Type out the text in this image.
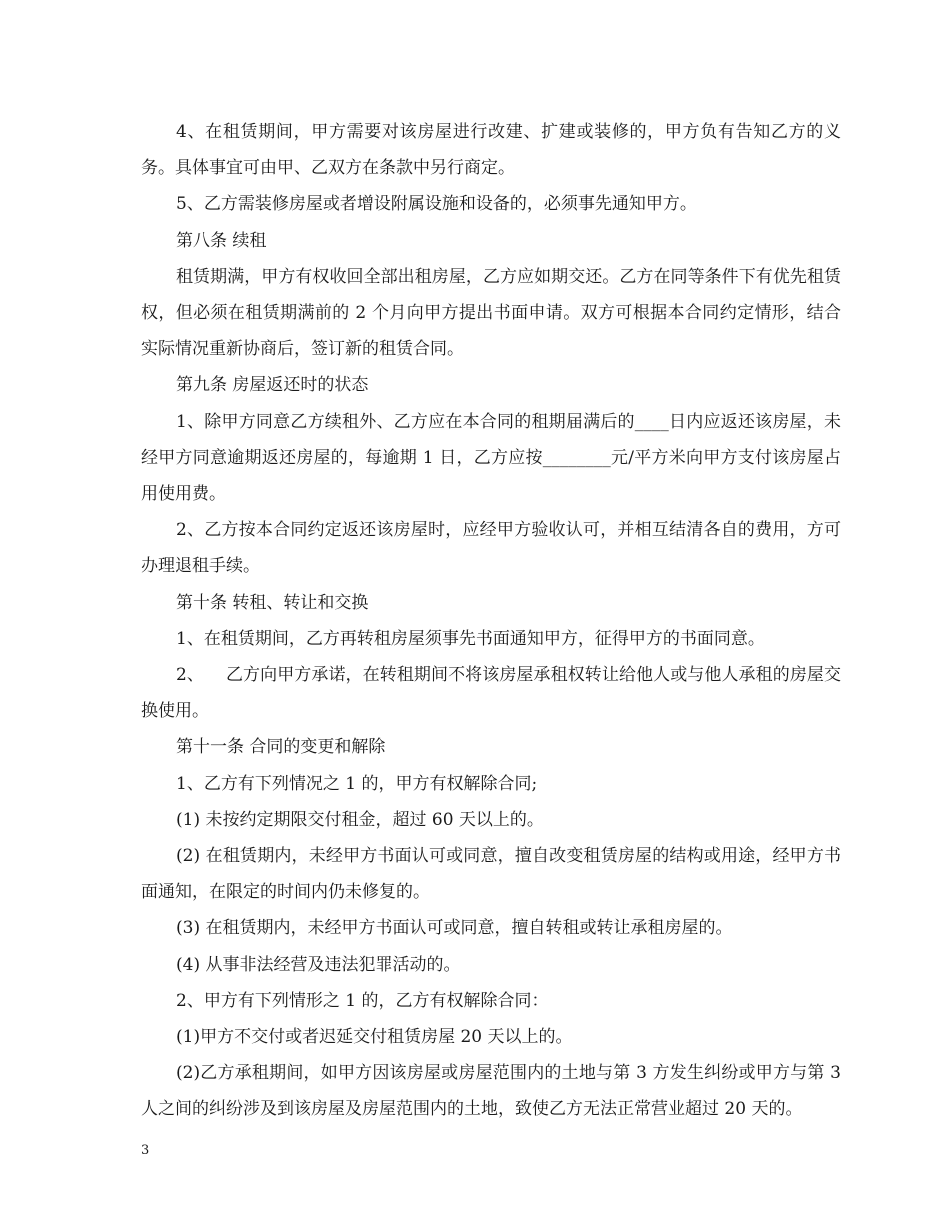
4、在租赁期间，甲方需要对该房屋进行改建、扩建或装修的，甲方负有告知乙方的义务。具体事宜可由甲、乙双方在条款中另行商定。

5、乙方需装修房屋或者增设附属设施和设备的，必须事先通知甲方。

第八条 续租

租赁期满，甲方有权收回全部出租房屋，乙方应如期交还。乙方在同等条件下有优先租赁权，但必须在租赁期满前的 2 个月向甲方提出书面申请。双方可根据本合同约定情形，结合实际情况重新协商后，签订新的租赁合同。

第九条 房屋返还时的状态

1、除甲方同意乙方续租外、乙方应在本合同的租期届满后的____日内应返还该房屋，未经甲方同意逾期返还房屋的，每逾期 1 日，乙方应按________元/平方米向甲方支付该房屋占用使用费。

2、乙方按本合同约定返还该房屋时，应经甲方验收认可，并相互结清各自的费用，方可办理退租手续。

第十条 转租、转让和交换

1、在租赁期间，乙方再转租房屋须事先书面通知甲方，征得甲方的书面同意。

2、    乙方向甲方承诺，在转租期间不将该房屋承租权转让给他人或与他人承租的房屋交换使用。

第十一条 合同的变更和解除

1、乙方有下列情况之 1 的，甲方有权解除合同;

(1) 未按约定期限交付租金，超过 60 天以上的。

(2) 在租赁期内，未经甲方书面认可或同意，擅自改变租赁房屋的结构或用途，经甲方书面通知，在限定的时间内仍未修复的。

(3) 在租赁期内，未经甲方书面认可或同意，擅自转租或转让承租房屋的。

(4) 从事非法经营及违法犯罪活动的。

2、甲方有下列情形之 1 的，乙方有权解除合同：

(1)甲方不交付或者迟延交付租赁房屋 20 天以上的。

(2)乙方承租期间，如甲方因该房屋或房屋范围内的土地与第 3 方发生纠纷或甲方与第 3 人之间的纠纷涉及到该房屋及房屋范围内的土地，致使乙方无法正常营业超过 20 天的。

3
